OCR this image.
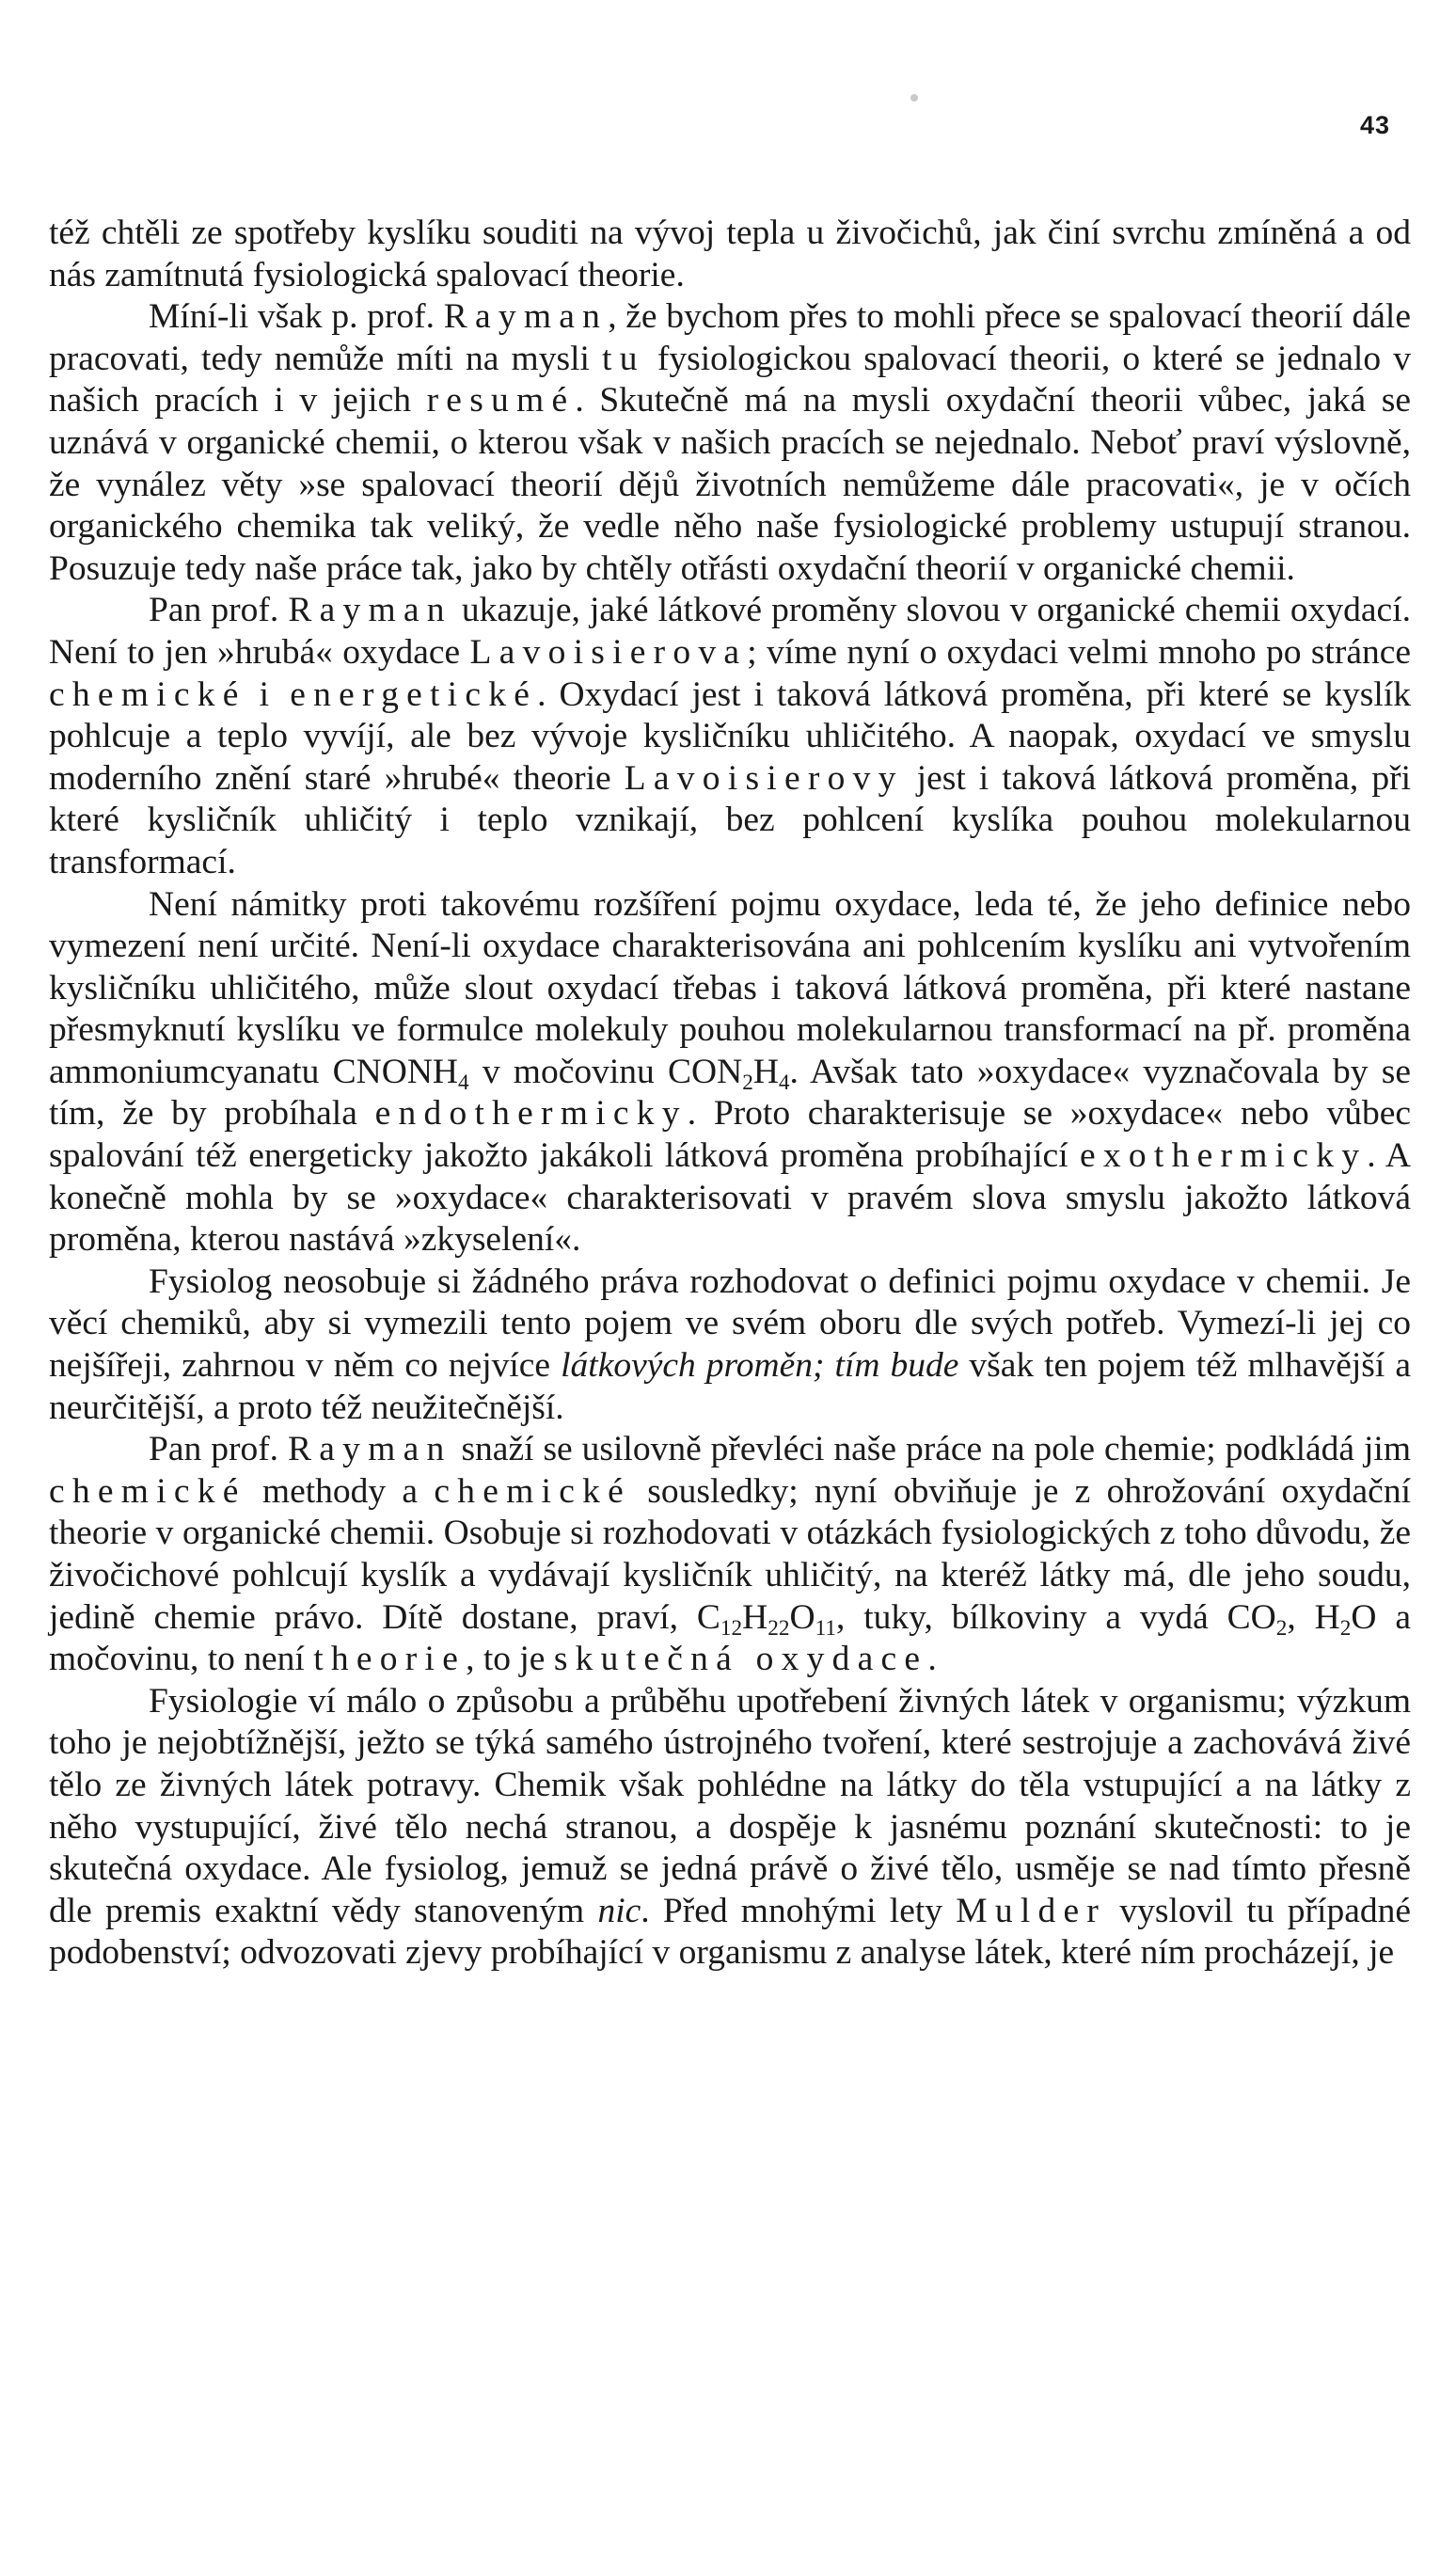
43

též chtěli ze spotřeby kyslíku souditi na vývoj tepla u živočichů, jak činí svrchu zmíněná a od nás zamítnutá fysiologická spalovací theorie.

Míní-li však p. prof. Rayman, že bychom přes to mohli přece se spalovací theorií dále pracovati, tedy nemůže míti na mysli tu fysiologickou spalovací theorii, o které se jednalo v našich pracích i v jejich resumé. Skutečně má na mysli oxydační theorii vůbec, jaká se uznává v organické chemii, o kterou však v našich pracích se nejednalo. Neboť praví výslovně, že vynález věty »se spalovací theorií dějů životních nemůžeme dále pracovati«, je v očích organického chemika tak veliký, že vedle něho naše fysiologické problemy ustupují stranou. Posuzuje tedy naše práce tak, jako by chtěly otřásti oxydační theorií v organické chemii.

Pan prof. Rayman ukazuje, jaké látkové proměny slovou v organické chemii oxydací. Není to jen »hrubá« oxydace Lavoisierova; víme nyní o oxydaci velmi mnoho po stránce chemické i energetické. Oxydací jest i taková látková proměna, při které se kyslík pohlcuje a teplo vyvíjí, ale bez vývoje kysličníku uhličitého. A naopak, oxydací ve smyslu moderního znění staré »hrubé« theorie Lavoisierovy jest i taková látková proměna, při které kysličník uhličitý i teplo vznikají, bez pohlcení kyslíka pouhou molekularnou transformací.

Není námitky proti takovému rozšíření pojmu oxydace, leda té, že jeho definice nebo vymezení není určité. Není-li oxydace charakterisována ani pohlcením kyslíku ani vytvořením kysličníku uhličitého, může slout oxydací třebas i taková látková proměna, při které nastane přesmyknutí kyslíku ve formulce molekuly pouhou molekularnou transformací na př. proměna ammoniumcyanatu $CNONH_4$ v močovinu $CON_2H_4$. Avšak tato »oxydace« vyznačovala by se tím, že by probíhala endothermicky. Proto charakterisuje se »oxydace« nebo vůbec spalování též energeticky jakožto jakákoli látková proměna probíhající exothermicky. A konečně mohla by se »oxydace« charakterisovati v pravém slova smyslu jakožto látková proměna, kterou nastává »zkyselení«.

Fysiolog neosobuje si žádného práva rozhodovat o definici pojmu oxydace v chemii. Je věcí chemiků, aby si vymezili tento pojem ve svém oboru dle svých potřeb. Vymezí-li jej co nejšířeji, zahrnou v něm co nejvíce látkových proměn; tím bude však ten pojem též mlhavější a neurčitější, a proto též neužitečnější.

Pan prof. Rayman snaží se usilovně převléci naše práce na pole chemie; podkládá jim chemické methody a chemické sousledky; nyní obviňuje je z ohrožování oxydační theorie v organické chemii. Osobuje si rozhodovati v otázkách fysiologických z toho důvodu, že živočichové pohlcují kyslík a vydávají kysličník uhličitý, na kteréž látky má, dle jeho soudu, jedině chemie právo. Dítě dostane, praví, $C_{12}H_{22}O_{11}$, tuky, bílkoviny a vydá $CO_2$, $H_2O$ a močovinu, to není theorie, to je skutečná oxydace.

Fysiologie ví málo o způsobu a průběhu upotřebení živných látek v organismu; výzkum toho je nejobtížnější, ježto se týká samého ústrojného tvoření, které sestrojuje a zachovává živé tělo ze živných látek potravy. Chemik však pohlédne na látky do těla vstupující a na látky z něho vystupující, živé tělo nechá stranou, a dospěje k jasnému poznání skutečnosti: to je skutečná oxydace. Ale fysiolog, jemuž se jedná právě o živé tělo, usměje se nad tímto přesně dle premis exaktní vědy stanoveným nic. Před mnohými lety Mulder vyslovil tu případné podobenství; odvozovati zjevy probíhající v organismu z analyse látek, které ním procházejí, je
